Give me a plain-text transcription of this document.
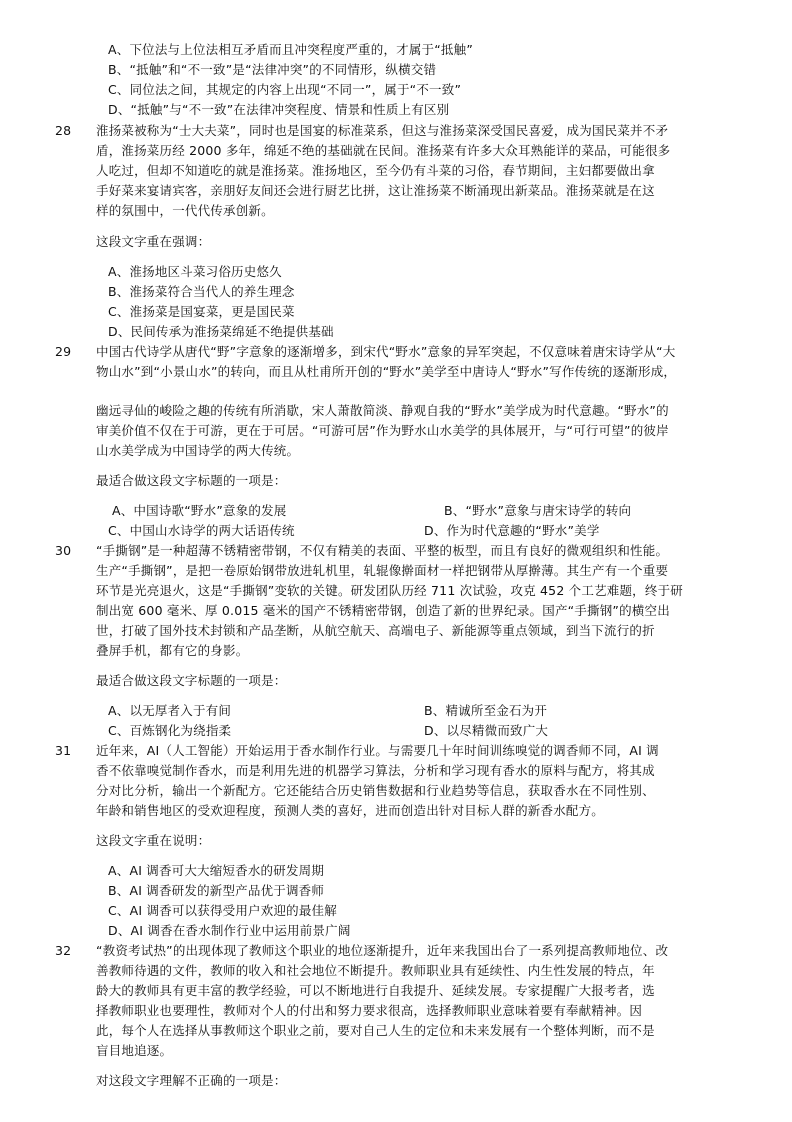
A、下位法与上位法相互矛盾而且冲突程度严重的，才属于“抵触”
B、“抵触”和“不一致”是“法律冲突”的不同情形，纵横交错
C、同位法之间，其规定的内容上出现“不同一”，属于“不一致”
D、“抵触”与“不一致”在法律冲突程度、情景和性质上有区别
28 淮扬菜被称为“士大夫菜”，同时也是国宴的标准菜系，但这与淮扬菜深受国民喜爱，成为国民菜并不矛
盾，淮扬菜历经 2000 多年，绵延不绝的基础就在民间。淮扬菜有许多大众耳熟能详的菜品，可能很多
人吃过，但却不知道吃的就是淮扬菜。淮扬地区，至今仍有斗菜的习俗，春节期间，主妇都要做出拿
手好菜来宴请宾客，亲朋好友间还会进行厨艺比拼，这让淮扬菜不断涌现出新菜品。淮扬菜就是在这
样的氛围中，一代代传承创新。
这段文字重在强调：
A、淮扬地区斗菜习俗历史悠久
B、淮扬菜符合当代人的养生理念
C、淮扬菜是国宴菜，更是国民菜
D、民间传承为淮扬菜绵延不绝提供基础
29 中国古代诗学从唐代“野”字意象的逐渐增多，到宋代“野水”意象的异军突起，不仅意味着唐宋诗学从“大
物山水”到“小景山水”的转向，而且从杜甫所开创的“野水”美学至中唐诗人“野水”写作传统的逐渐形成，
幽远寻仙的峻险之趣的传统有所消歇，宋人萧散简淡、静观自我的“野水”美学成为时代意趣。“野水”的
审美价值不仅在于可游，更在于可居。“可游可居”作为野水山水美学的具体展开，与“可行可望”的彼岸
山水美学成为中国诗学的两大传统。
最适合做这段文字标题的一项是：
A、中国诗歌“野水”意象的发展	B、“野水”意象与唐宋诗学的转向
C、中国山水诗学的两大话语传统	D、作为时代意趣的“野水”美学
30 “手撕钢”是一种超薄不锈精密带钢，不仅有精美的表面、平整的板型，而且有良好的微观组织和性能。
生产“手撕钢”，是把一卷原始钢带放进轧机里，轧辊像擀面材一样把钢带从厚擀薄。其生产有一个重要
环节是光亮退火，这是“手撕钢”变软的关键。研发团队历经 711 次试验，攻克 452 个工艺难题，终于研
制出宽 600 毫米、厚 0.015 毫米的国产不锈精密带钢，创造了新的世界纪录。国产“手撕钢”的横空出
世，打破了国外技术封锁和产品垄断，从航空航天、高端电子、新能源等重点领域，到当下流行的折
叠屏手机，都有它的身影。
最适合做这段文字标题的一项是：
A、以无厚者入于有间	B、精诚所至金石为开
C、百炼钢化为绕指柔	D、以尽精微而致广大
31 近年来，AI（人工智能）开始运用于香水制作行业。与需要几十年时间训练嗅觉的调香师不同，AI 调
香不依靠嗅觉制作香水，而是利用先进的机器学习算法，分析和学习现有香水的原料与配方，将其成
分对比分析，输出一个新配方。它还能结合历史销售数据和行业趋势等信息，获取香水在不同性别、
年龄和销售地区的受欢迎程度，预测人类的喜好，进而创造出针对目标人群的新香水配方。
这段文字重在说明：
A、AI 调香可大大缩短香水的研发周期
B、AI 调香研发的新型产品优于调香师
C、AI 调香可以获得受用户欢迎的最佳解
D、AI 调香在香水制作行业中运用前景广阔
32 “教资考试热”的出现体现了教师这个职业的地位逐渐提升，近年来我国出台了一系列提高教师地位、改
善教师待遇的文件，教师的收入和社会地位不断提升。教师职业具有延续性、内生性发展的特点，年
龄大的教师具有更丰富的教学经验，可以不断地进行自我提升、延续发展。专家提醒广大报考者，选
择教师职业也要理性，教师对个人的付出和努力要求很高，选择教师职业意味着要有奉献精神。因
此，每个人在选择从事教师这个职业之前，要对自己人生的定位和未来发展有一个整体判断，而不是
盲目地追逐。
对这段文字理解不正确的一项是：
